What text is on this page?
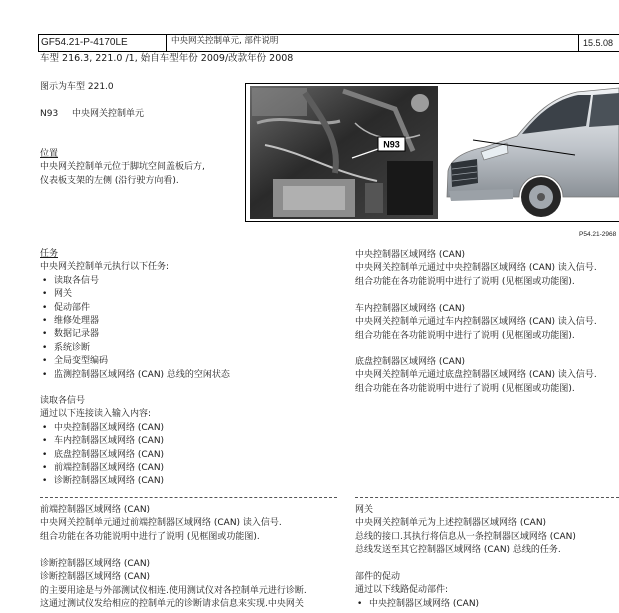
GF54.21-P-4170LE	中央网关控制单元, 部件说明	15.5.08
车型 216.3, 221.0 /1, 始自车型年份 2009/改款年份 2008
图示为车型 221.0
N93 中央网关控制单元
位置
中央网关控制单元位于脚坑空间盖板后方,
仪表板支架的左侧 (沿行驶方向看).
N93
P54.21-2968
任务
中央网关控制单元执行以下任务:
• 读取各信号
• 网关
• 促动部件
• 维修处理器
• 数据记录器
• 系统诊断
• 全局变型编码
• 监测控制器区域网络 (CAN) 总线的空闲状态
读取各信号
通过以下连接读入输入内容:
• 中央控制器区域网络 (CAN)
• 车内控制器区域网络 (CAN)
• 底盘控制器区域网络 (CAN)
• 前端控制器区域网络 (CAN)
• 诊断控制器区域网络 (CAN)
前端控制器区域网络 (CAN)
中央网关控制单元通过前端控制器区域网络 (CAN) 读入信号.
组合功能在各功能说明中进行了说明 (见框图或功能图).
诊断控制器区域网络 (CAN)
诊断控制器区域网络 (CAN)
的主要用途是与外部测试仪相连.使用测试仪对各控制单元进行诊断.
这通过测试仪发给相应的控制单元的诊断请求信息来实现.中央网关
中央控制器区域网络 (CAN)
中央网关控制单元通过中央控制器区域网络 (CAN) 读入信号.
组合功能在各功能说明中进行了说明 (见框图或功能图).
车内控制器区域网络 (CAN)
中央网关控制单元通过车内控制器区域网络 (CAN) 读入信号.
组合功能在各功能说明中进行了说明 (见框图或功能图).
底盘控制器区域网络 (CAN)
中央网关控制单元通过底盘控制器区域网络 (CAN) 读入信号.
组合功能在各功能说明中进行了说明 (见框图或功能图).
网关
中央网关控制单元为上述控制器区域网络 (CAN)
总线的接口.其执行将信息从一条控制器区域网络 (CAN)
总线发送至其它控制器区域网络 (CAN) 总线的任务.
部件的促动
通过以下线路促动部件:
• 中央控制器区域网络 (CAN)
